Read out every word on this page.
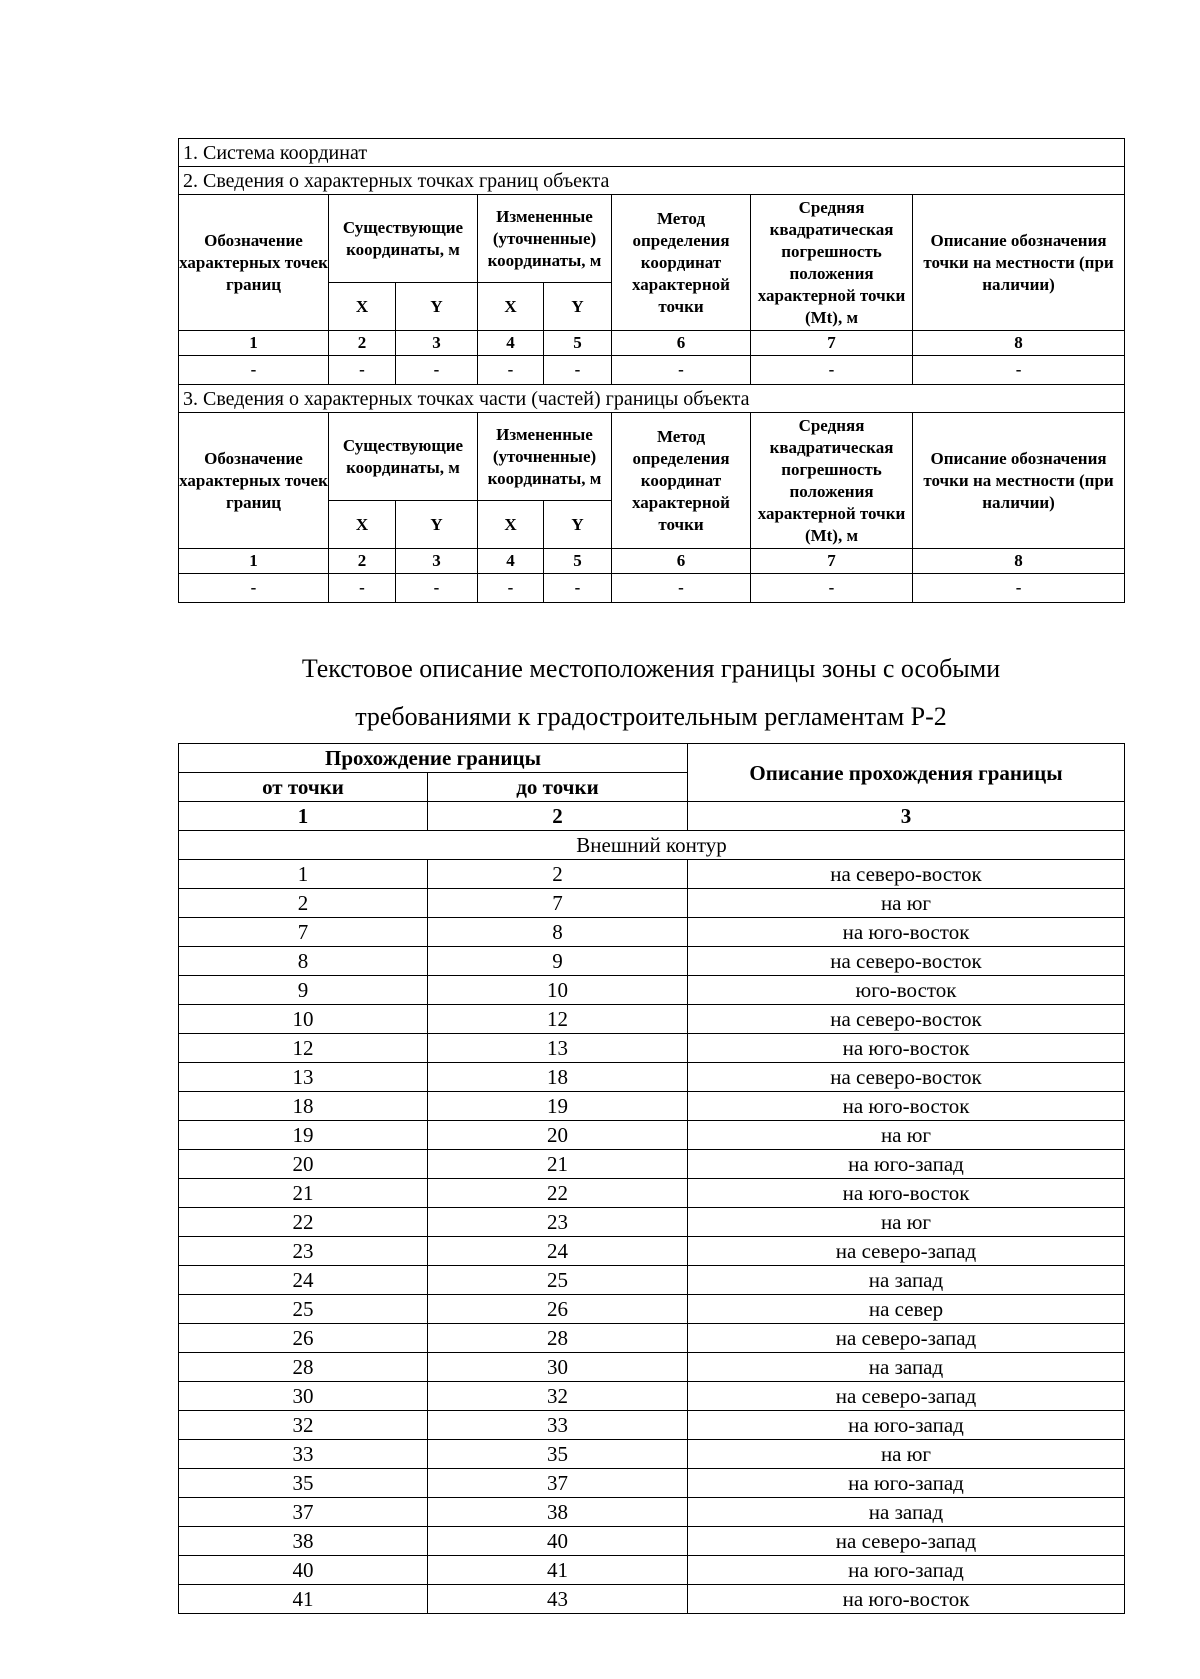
1. Система координат							
2. Сведения о характерных точках границ объекта							
Обозначение характерных точек границ	Существующие координаты, м		Измененные (уточненные) координаты, м		Метод определения координат характерной точки	Средняя квадратическая погрешность положения характерной точки (Mt), м	Описание обозначения точки на местности (при наличии)
	X	Y	X	Y			
1	2	3	4	5	6	7	8
-	-	-	-	-	-	-	-
3. Сведения о характерных точках части (частей) границы объекта							
Обозначение характерных точек границ	Существующие координаты, м		Измененные (уточненные) координаты, м		Метод определения координат характерной точки	Средняя квадратическая погрешность положения характерной точки (Mt), м	Описание обозначения точки на местности (при наличии)
	X	Y	X	Y			
1	2	3	4	5	6	7	8
-	-	-	-	-	-	-	-
Текстовое описание местоположения границы зоны с особыми
требованиями к градостроительным регламентам Р-2
Прохождение границы		Описание прохождения границы
от точки	до точки	
1	2	3
Внешний контур		
1	2	на северо-восток
2	7	на юг
7	8	на юго-восток
8	9	на северо-восток
9	10	юго-восток
10	12	на северо-восток
12	13	на юго-восток
13	18	на северо-восток
18	19	на юго-восток
19	20	на юг
20	21	на юго-запад
21	22	на юго-восток
22	23	на юг
23	24	на северо-запад
24	25	на запад
25	26	на север
26	28	на северо-запад
28	30	на запад
30	32	на северо-запад
32	33	на юго-запад
33	35	на юг
35	37	на юго-запад
37	38	на запад
38	40	на северо-запад
40	41	на юго-запад
41	43	на юго-восток
